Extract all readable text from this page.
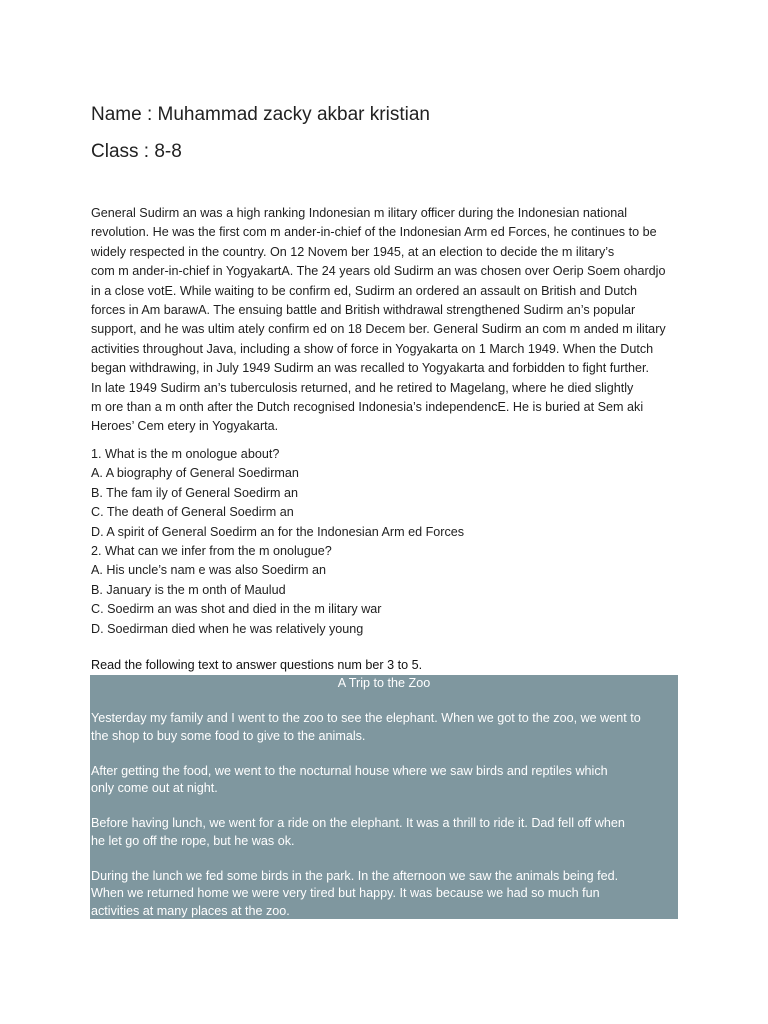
Name : Muhammad zacky akbar kristian
Class : 8-8
General Sudirm an was a high ranking Indonesian m ilitary officer during the Indonesian national
revolution. He was the first com m ander-in-chief of the Indonesian Arm ed Forces, he continues to be
widely respected in the country. On 12 Novem ber 1945, at an election to decide the m ilitary’s
com m ander-in-chief in YogyakartA. The 24 years old Sudirm an was chosen over Oerip Soem ohardjo
in a close votE. While waiting to be confirm ed, Sudirm an ordered an assault on British and Dutch
forces in Am barawA. The ensuing battle and British withdrawal strengthened Sudirm an’s popular
support, and he was ultim ately confirm ed on 18 Decem ber. General Sudirm an com m anded m ilitary
activities throughout Java, including a show of force in Yogyakarta on 1 March 1949. When the Dutch
began withdrawing, in July 1949 Sudirm an was recalled to Yogyakarta and forbidden to fight further.
In late 1949 Sudirm an’s tuberculosis returned, and he retired to Magelang, where he died slightly
m ore than a m onth after the Dutch recognised Indonesia’s independencE. He is buried at Sem aki
Heroes’ Cem etery in Yogyakarta.
1. What is the m onologue about?
A. A biography of General Soedirman
B. The fam ily of General Soedirm an
C. The death of General Soedirm an
D. A spirit of General Soedirm an for the Indonesian Arm ed Forces
2. What can we infer from the m onolugue?
A. His uncle’s nam e was also Soedirm an
B. January is the m onth of Maulud
C. Soedirm an was shot and died in the m ilitary war
D. Soedirman died when he was relatively young
Read the following text to answer questions num ber 3 to 5.
A Trip to the Zoo
Yesterday my family and I went to the zoo to see the elephant. When we got to the zoo, we went to
the shop to buy some food to give to the animals.
After getting the food, we went to the nocturnal house where we saw birds and reptiles which
only come out at night.
Before having lunch, we went for a ride on the elephant. It was a thrill to ride it. Dad fell off when
he let go off the rope, but he was ok.
During the lunch we fed some birds in the park. In the afternoon we saw the animals being fed.
When we returned home we were very tired but happy. It was because we had so much fun
activities at many places at the zoo.
